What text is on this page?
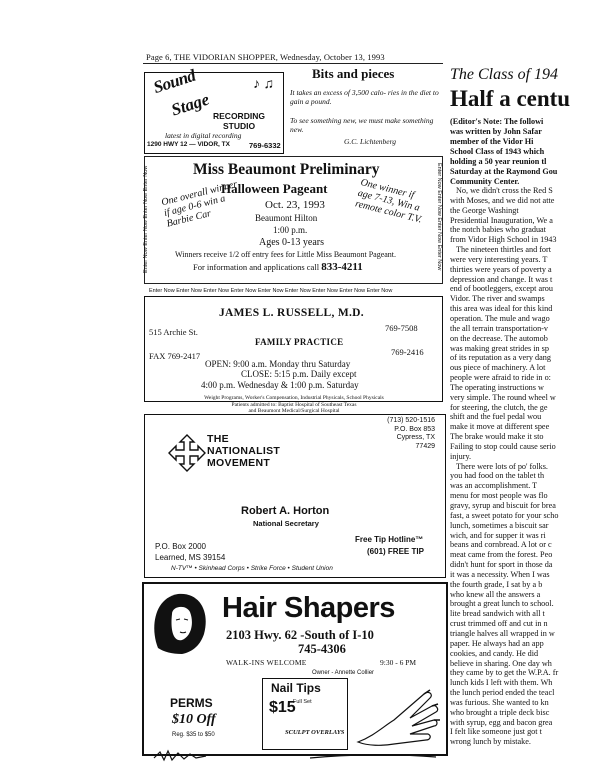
Page 6, THE VIDORIAN SHOPPER, Wednesday, October 13, 1993
Bits and pieces
It takes an excess of 3,500 calo- ries in the diet to gain a pound.
To see something new, we must make something new.
G.C. Lichtenberg
Sound
Stage
♪ ♫
RECORDING
STUDIO
latest in digital recording
1290 HWY 12 — VIDOR, TX	769-6332
Enter Now Enter Now Enter Now Enter Now	Enter Now Enter Now Enter Now Enter Now
Miss Beaumont Preliminary
Halloween Pageant
One overall winner if age 0-6 win a Barbie Car
One winner if age 7-13, Win a remote color T.V.
Oct. 23, 1993
Beaumont Hilton
1:00 p.m.
Ages 0-13 years
Winners receive 1/2 off entry fees for Little Miss Beaumont Pageant.
For information and applications call 833-4211
Enter Now Enter Now Enter Now Enter Now Enter Now Enter Now Enter Now Enter Now Enter Now
JAMES L. RUSSELL, M.D.
515 Archie St.	769-7508
FAMILY PRACTICE
FAX 769-2417	769-2416
OPEN: 9:00 a.m. Monday thru Saturday
CLOSE: 5:15 p.m. Daily except
4:00 p.m. Wednesday & 1:00 p.m. Saturday
Weight Programs, Worker's Compensation, Industrial Physicals, School Physicals
Patients admitted to: Baptist Hospital of Southeast Texas
and Beaumont Medical/Surgical Hospital
THE
NATIONALIST
MOVEMENT
(713) 520-1516
P.O. Box 853
Cypress, TX
77429
Robert A. Horton
National Secretary
Free Tip Hotline™
(601) FREE TIP
P.O. Box 2000
Learned, MS 39154
N-TV™ • Skinhead Corps • Strike Force • Student Union
Hair Shapers
2103 Hwy. 62 -South of I-10
745-4306
WALK-INS WELCOME	9:30 - 6 PM
Owner - Annette Collier
PERMS
$10 Off
Reg. $35 to $50
Nail Tips
$15
Full Set
SCULPT OVERLAYS
The Class of 194
Half a centu
(Editor's Note: The followi
was written by John Safar
member of the Vidor Hi
School Class of 1943 which
holding a 50 year reunion tl
Saturday at the Raymond Gou
Community Center.
No, we didn't cross the Red S
with Moses, and we did not atte
the George Washingt
Presidential Inauguration, We a
the notch babies who graduat
from Vidor High School in 1943
The nineteen thirtles and fort
were very interesting years. T
thirties were years of poverty a
depression and change. It was t
end of bootleggers, except arou
Vidor. The river and swamps
this area was ideal for this kind
operation. The mule and wago
the all terrain transportation-v
on the decrease. The automob
was making great strides in sp
of its reputation as a very dang
ous piece of machinery. A lot
people were afraid to ride in o:
The operating instructions w
very simple. The round wheel w
for steering, the clutch, the ge
shift and the fuel pedal wou
make it move at different spee
The brake would make it sto
Failing to stop could cause serio
injury.
There were lots of po' folks.
you had food on the tablet th
was an accomplishment. T
menu for most people was flo
gravy, syrup and biscuit for brea
fast, a sweet potato for your scho
lunch, sometimes a biscuit sar
wich, and for supper it was ri
beans and cornbread. A lot or c
meat came from the forest. Peo
didn't hunt for sport in those da
it was a necessity. When I was
the fourth grade, I sat by a b
who knew all the answers a
brought a great lunch to school.
lite bread sandwich with all t
crust trimmed off and cut in n
triangle halves all wrapped in w
paper. He always had an app
cookies, and candy. He did
believe in sharing. One day wh
they came by to get the W.P.A. fr
lunch kids I left with them. Wh
the lunch period ended the teacl
was furious. She wanted to kn
who brought a triple deck bisc
with syrup, egg and bacon grea
I felt like someone just got t
wrong lunch by mistake.
